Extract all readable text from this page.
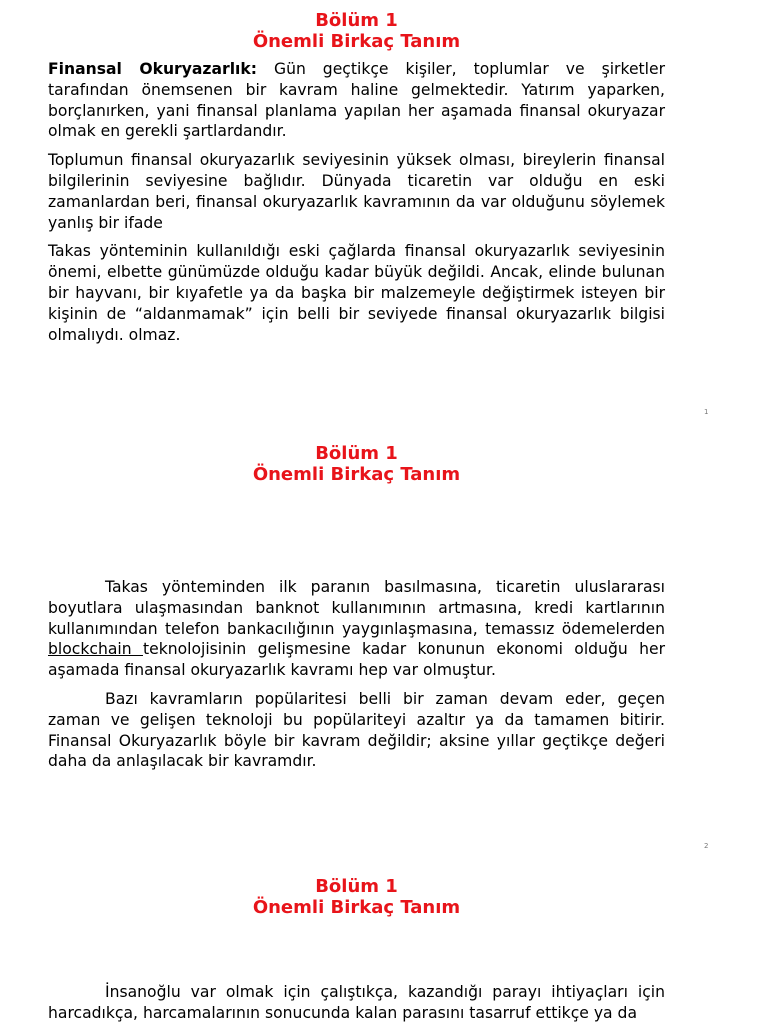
Bölüm 1
Önemli Birkaç Tanım

Finansal Okuryazarlık: Gün geçtikçe kişiler, toplumlar ve şirketler tarafından önemsenen bir kavram haline gelmektedir. Yatırım yaparken, borçlanırken, yani finansal planlama yapılan her aşamada finansal okuryazar olmak en gerekli şartlardandır.

Toplumun finansal okuryazarlık seviyesinin yüksek olması, bireylerin finansal bilgilerinin seviyesine bağlıdır. Dünyada ticaretin var olduğu en eski zamanlardan beri, finansal okuryazarlık kavramının da var olduğunu söylemek yanlış bir ifade

Takas yönteminin kullanıldığı eski çağlarda finansal okuryazarlık seviyesinin önemi, elbette günümüzde olduğu kadar büyük değildi. Ancak, elinde bulunan bir hayvanı, bir kıyafetle ya da başka bir malzemeyle değiştirmek isteyen bir kişinin de “aldanmamak” için belli bir seviyede finansal okuryazarlık bilgisi olmalıydı. olmaz.

1
Bölüm 1
Önemli Birkaç Tanım

Takas yönteminden ilk paranın basılmasına, ticaretin uluslararası boyutlara ulaşmasından banknot kullanımının artmasına, kredi kartlarının kullanımından telefon bankacılığının yaygınlaşmasına, temassız ödemelerden blockchain teknolojisinin gelişmesine kadar konunun ekonomi olduğu her aşamada finansal okuryazarlık kavramı hep var olmuştur.

Bazı kavramların popülaritesi belli bir zaman devam eder, geçen zaman ve gelişen teknoloji bu popülariteyi azaltır ya da tamamen bitirir. Finansal Okuryazarlık böyle bir kavram değildir; aksine yıllar geçtikçe değeri daha da anlaşılacak bir kavramdır.

2
Bölüm 1
Önemli Birkaç Tanım

İnsanoğlu var olmak için çalıştıkça, kazandığı parayı ihtiyaçları için harcadıkça, harcamalarının sonucunda kalan parasını tasarruf ettikçe ya da
